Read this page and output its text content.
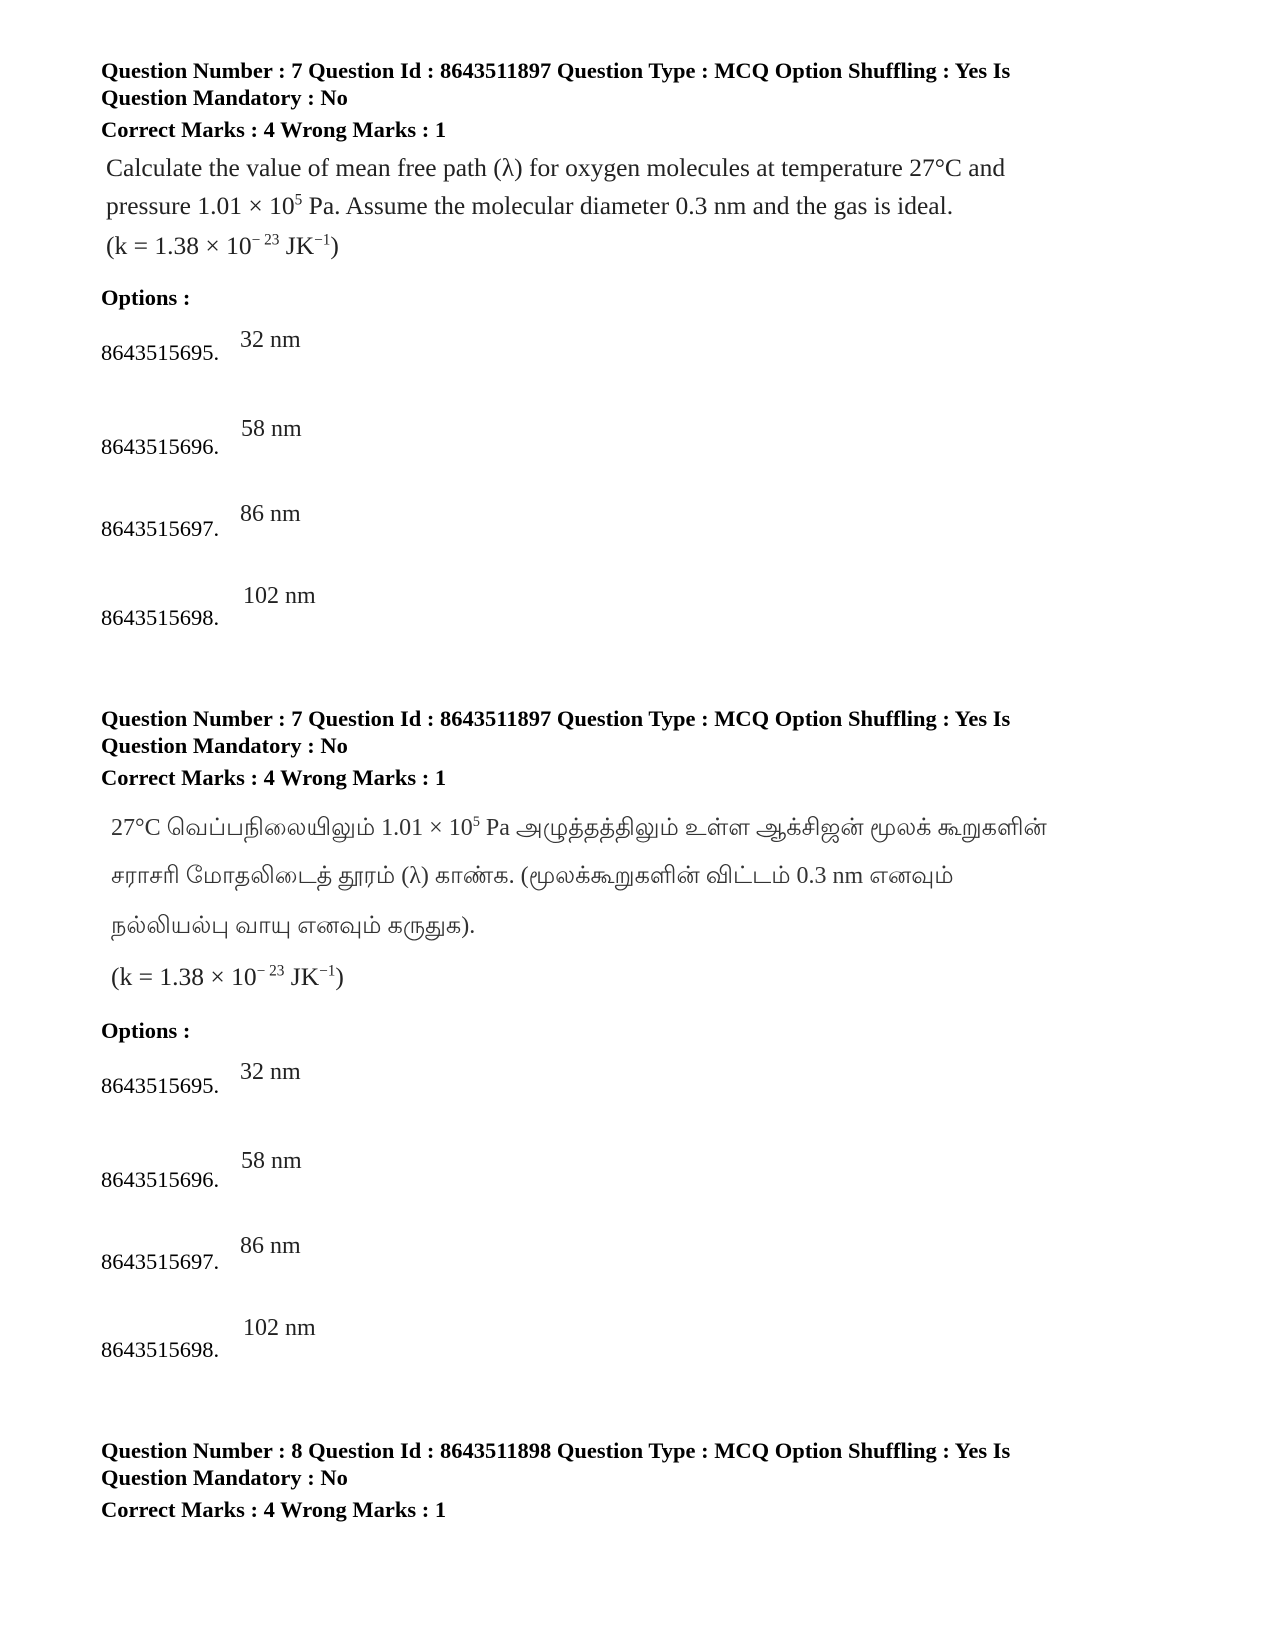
Question Number : 7 Question Id : 8643511897 Question Type : MCQ Option Shuffling : Yes Is
Question Mandatory : No
Correct Marks : 4 Wrong Marks : 1
Calculate the value of mean free path (λ) for oxygen molecules at temperature 27°C and
pressure $1.01 \times 10^5$ Pa. Assume the molecular diameter 0.3 nm and the gas is ideal.
($k = 1.38 \times 10^{- 23}$ $JK^{-1}$)
Options :
8643515695. 32 nm
8643515696.
58 nm
8643515697.
86 nm
8643515698.
102 nm
Question Number : 7 Question Id : 8643511897 Question Type : MCQ Option Shuffling : Yes Is
Question Mandatory : No
Correct Marks : 4 Wrong Marks : 1
27°C வெப்பநிலையிலும் $1.01 \times 10^5$ Pa அழுத்தத்திலும் உள்ள ஆக்சிஜன் மூலக் கூறுகளின்
சராசரி மோதலிடைத் தூரம் (λ) காண்க. (மூலக்கூறுகளின் விட்டம் 0.3 nm எனவும்
நல்லியல்பு வாயு எனவும் கருதுக).
($k = 1.38 \times 10^{- 23}$ $JK^{-1}$)
Options :
8643515695.
32 nm
8643515696.
58 nm
8643515697.
86 nm
8643515698.
102 nm
Question Number : 8 Question Id : 8643511898 Question Type : MCQ Option Shuffling : Yes Is
Question Mandatory : No
Correct Marks : 4 Wrong Marks : 1
